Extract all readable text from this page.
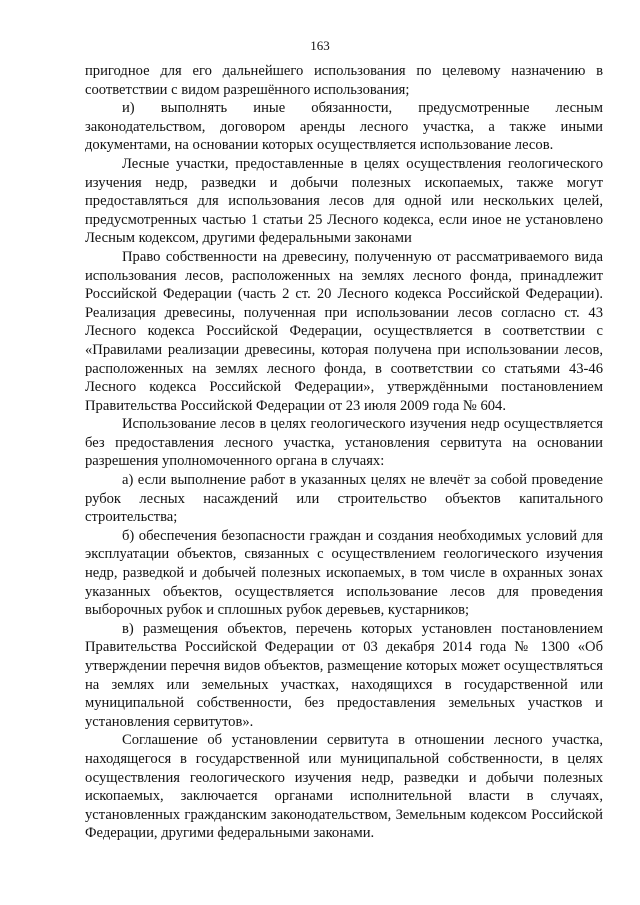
163

пригодное для его дальнейшего использования по целевому назначению в соответствии с видом разрешённого использования;

и) выполнять иные обязанности, предусмотренные лесным законодательством, договором аренды лесного участка, а также иными документами, на основании которых осуществляется использование лесов.

Лесные участки, предоставленные в целях осуществления геологического изучения недр, разведки и добычи полезных ископаемых, также могут предоставляться для использования лесов для одной или нескольких целей, предусмотренных частью 1 статьи 25 Лесного кодекса, если иное не установлено Лесным кодексом, другими федеральными законами

Право собственности на древесину, полученную от рассматриваемого вида использования лесов, расположенных на землях лесного фонда, принадлежит Российской Федерации (часть 2 ст. 20 Лесного кодекса Российской Федерации). Реализация древесины, полученная при использовании лесов согласно ст. 43 Лесного кодекса Российской Федерации, осуществляется в соответствии с «Правилами реализации древесины, которая получена при использовании лесов, расположенных на землях лесного фонда, в соответствии со статьями 43-46 Лесного кодекса Российской Федерации», утверждёнными постановлением Правительства Российской Федерации от 23 июля 2009 года № 604.

Использование лесов в целях геологического изучения недр осуществляется без предоставления лесного участка, установления сервитута на основании разрешения уполномоченного органа в случаях:

а) если выполнение работ в указанных целях не влечёт за собой проведение рубок лесных насаждений или строительство объектов капитального строительства;

б) обеспечения безопасности граждан и создания необходимых условий для эксплуатации объектов, связанных с осуществлением геологического изучения недр, разведкой и добычей полезных ископаемых, в том числе в охранных зонах указанных объектов, осуществляется использование лесов для проведения выборочных рубок и сплошных рубок деревьев, кустарников;

в) размещения объектов, перечень которых установлен постановлением Правительства Российской Федерации от 03 декабря 2014 года № 1300 «Об утверждении перечня видов объектов, размещение которых может осуществляться на землях или земельных участках, находящихся в государственной или муниципальной собственности, без предоставления земельных участков и установления сервитутов».

Соглашение об установлении сервитута в отношении лесного участка, находящегося в государственной или муниципальной собственности, в целях осуществления геологического изучения недр, разведки и добычи полезных ископаемых, заключается органами исполнительной власти в случаях, установленных гражданским законодательством, Земельным кодексом Российской Федерации, другими федеральными законами.
